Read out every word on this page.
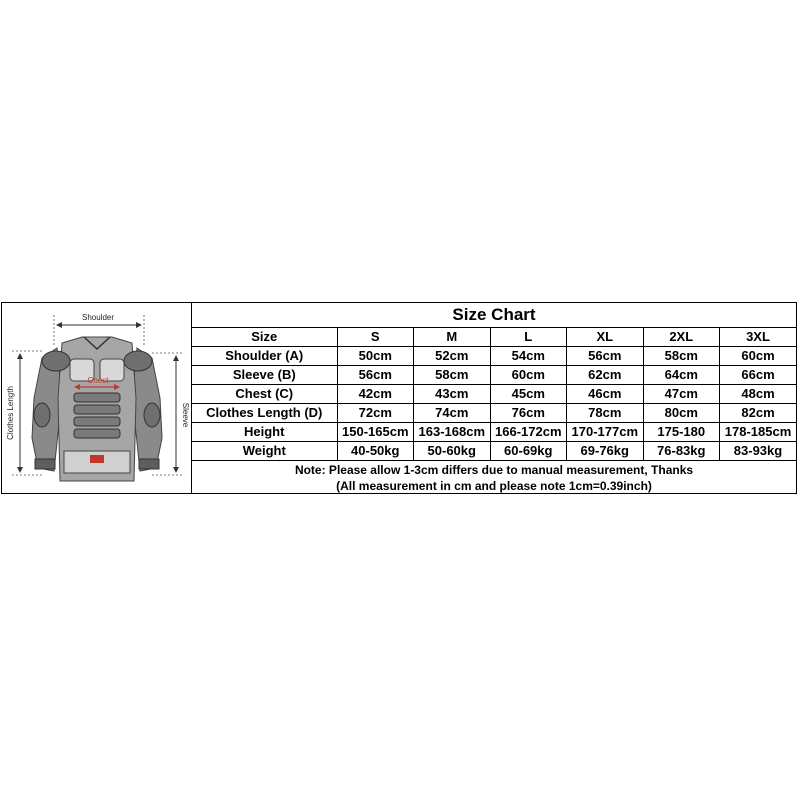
Shoulder
Chest
Clothes Length	Sleeve
Size Chart						
Size	S	M	L	XL	2XL	3XL
Shoulder (A)	50cm	52cm	54cm	56cm	58cm	60cm
Sleeve (B)	56cm	58cm	60cm	62cm	64cm	66cm
Chest (C)	42cm	43cm	45cm	46cm	47cm	48cm
Clothes Length (D)	72cm	74cm	76cm	78cm	80cm	82cm
Height	150-165cm	163-168cm	166-172cm	170-177cm	175-180	178-185cm
Weight	40-50kg	50-60kg	60-69kg	69-76kg	76-83kg	83-93kg

Note: Please allow 1-3cm differs due to manual measurement, Thanks
(All measurement in cm and please note 1cm=0.39inch)						
